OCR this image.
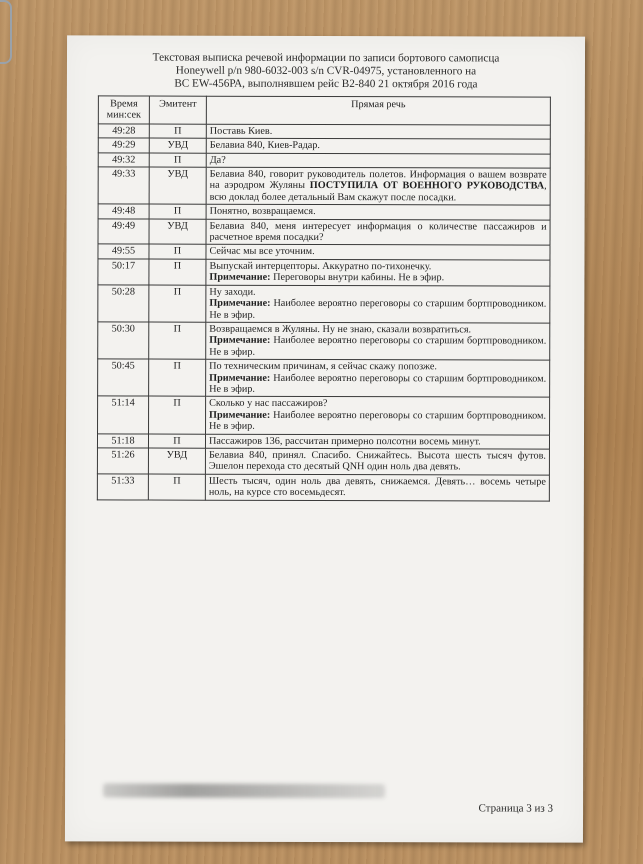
Текстовая выписка речевой информации по записи бортового самописца
Honeywell p/n 980-6032-003 s/n CVR-04975, установленного на
ВС EW-456РА, выполнявшем рейс В2-840 21 октября 2016 года
Время мин:сек	Эмитент	Прямая речь
49:28	П	Поставь Киев.

49:29	УВД	Белавиа 840, Киев-Радар.

49:32	П	Да?

49:33	УВД	Белавиа 840, говорит руководитель полетов. Информация о вашем возврате на аэродром Жуляны ПОСТУПИЛА ОТ ВОЕННОГО РУКОВОДСТВА, всю доклад более детальный Вам скажут после посадки.
49:48	П	Понятно, возвращаемся.

49:49	УВД	Белавиа 840, меня интересует информация о количестве пассажиров и расчетное время посадки?

49:55	П	Сейчас мы все уточним.

50:17	П	Выпускай интерцепторы. Аккуратно по-тихонечку.
Примечание: Переговоры внутри кабины. Не в эфир.

50:28	П	Ну заходи.
Примечание: Наиболее вероятно переговоры со старшим бортпроводником. Не в эфир.

50:30	П	Возвращаемся в Жуляны. Ну не знаю, сказали возвратиться.
Примечание: Наиболее вероятно переговоры со старшим бортпроводником. Не в эфир.

50:45	П	По техническим причинам, я сейчас скажу попозже.
Примечание: Наиболее вероятно переговоры со старшим бортпроводником. Не в эфир.

51:14	П	Сколько у нас пассажиров?
Примечание: Наиболее вероятно переговоры со старшим бортпроводником. Не в эфир.

51:18	П	Пассажиров 136, рассчитан примерно полсотни восемь минут.

51:26	УВД	Белавиа 840, принял. Спасибо. Снижайтесь. Высота шесть тысяч футов. Эшелон перехода сто десятый QNH один ноль два девять.

51:33	П	Шесть тысяч, один ноль два девять, снижаемся. Девять… восемь четыре ноль, на курсе сто восемьдесят.
Страница 3 из 3
